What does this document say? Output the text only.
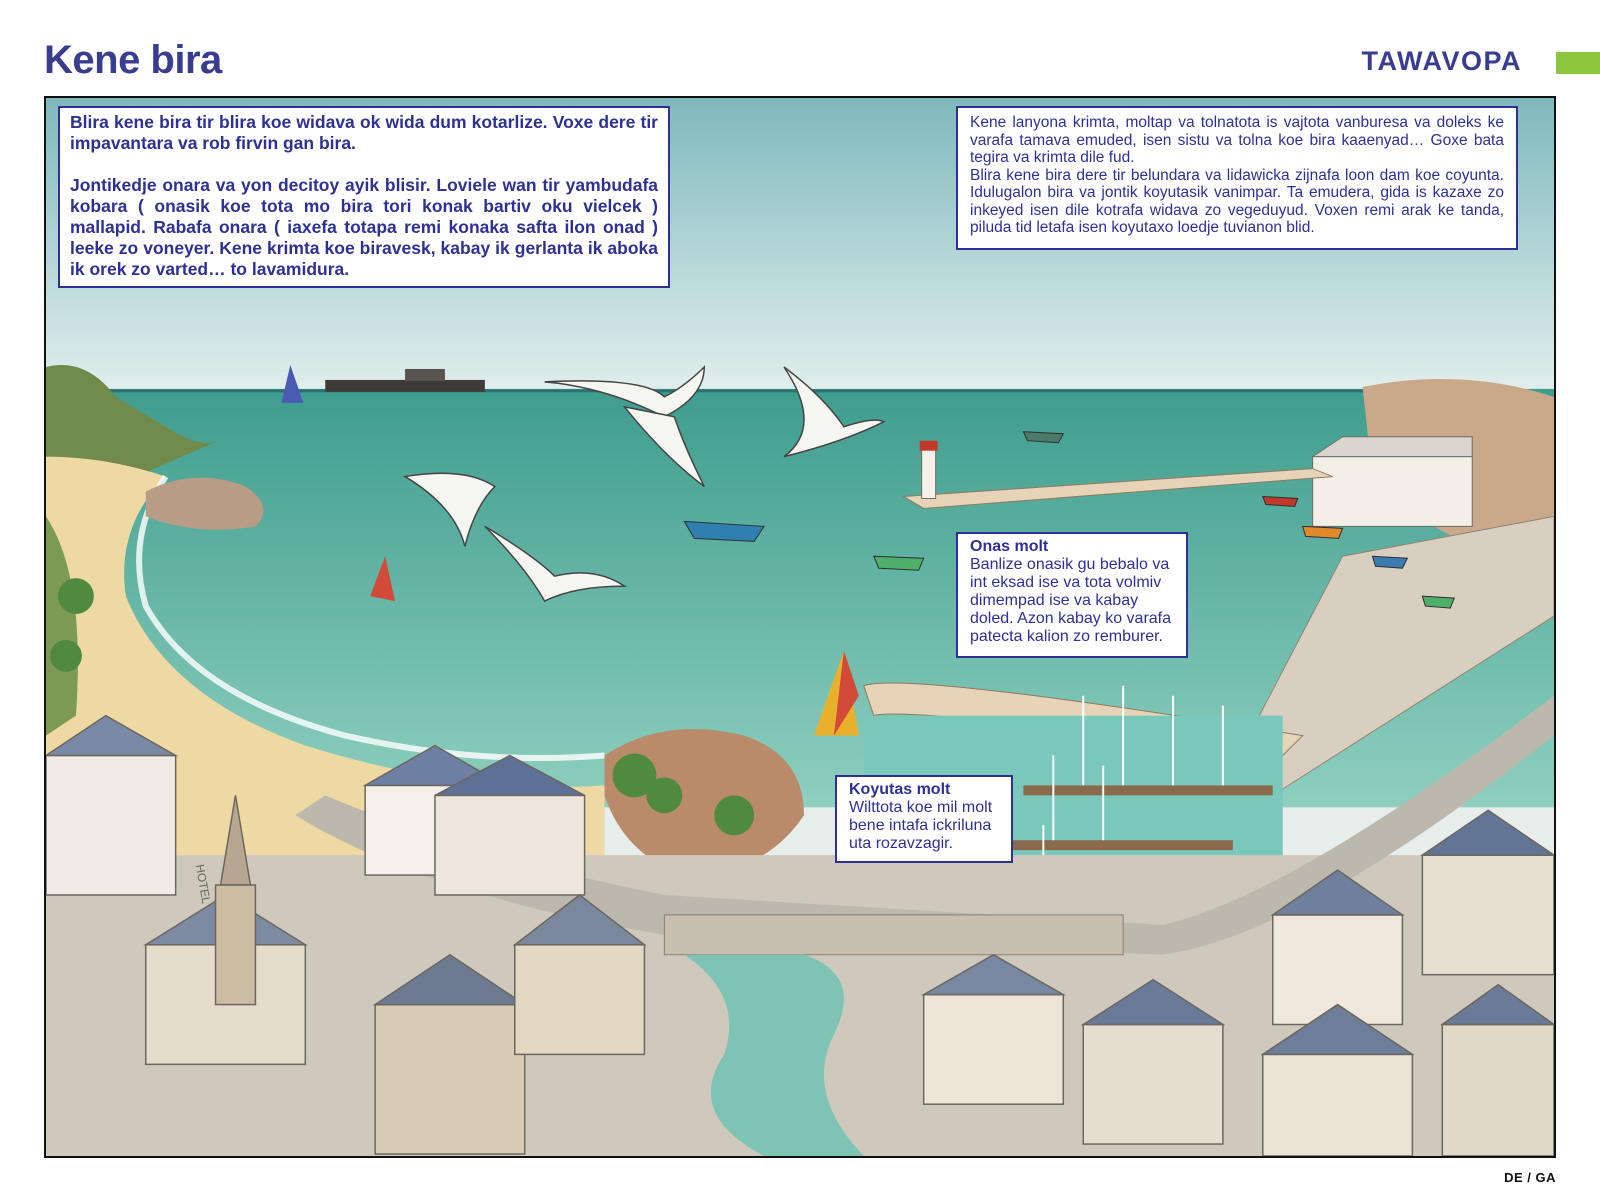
Kene bira	TAWAVOPA
HOTEL

Blira kene bira tir blira koe widava ok wida dum kotarlize. Voxe dere tir impavantara va rob firvin gan bira.

Jontikedje onara va yon decitoy ayik blisir. Loviele wan tir yambudafa kobara ( onasik koe tota mo bira tori konak bartiv oku vielcek ) mallapid. Rabafa onara ( iaxefa totapa remi konaka safta ilon onad ) leeke zo voneyer. Kene krimta koe biravesk, kabay ik gerlanta ik aboka ik orek zo varted… to lavamidura.

Kene lanyona krimta, moltap va tolnatota is vajtota vanburesa va doleks ke varafa tamava emuded, isen sistu va tolna koe bira kaaenyad… Goxe bata tegira va krimta dile fud.

Blira kene bira dere tir belundara va lidawicka zijnafa loon dam koe coyunta. Idulugalon bira va jontik koyutasik vanimpar. Ta emudera, gida is kazaxe zo inkeyed isen dile kotrafa widava zo vegeduyud. Voxen remi arak ke tanda, piluda tid letafa isen koyutaxo loedje tuvianon blid.

Onas molt
Banlize onasik gu bebalo va int eksad ise va tota volmiv dimempad ise va kabay doled. Azon kabay ko varafa patecta kalion zo remburer.
Koyutas molt
Wilttota koe mil molt bene intafa ickriluna uta rozavzagir.
DE / GA
